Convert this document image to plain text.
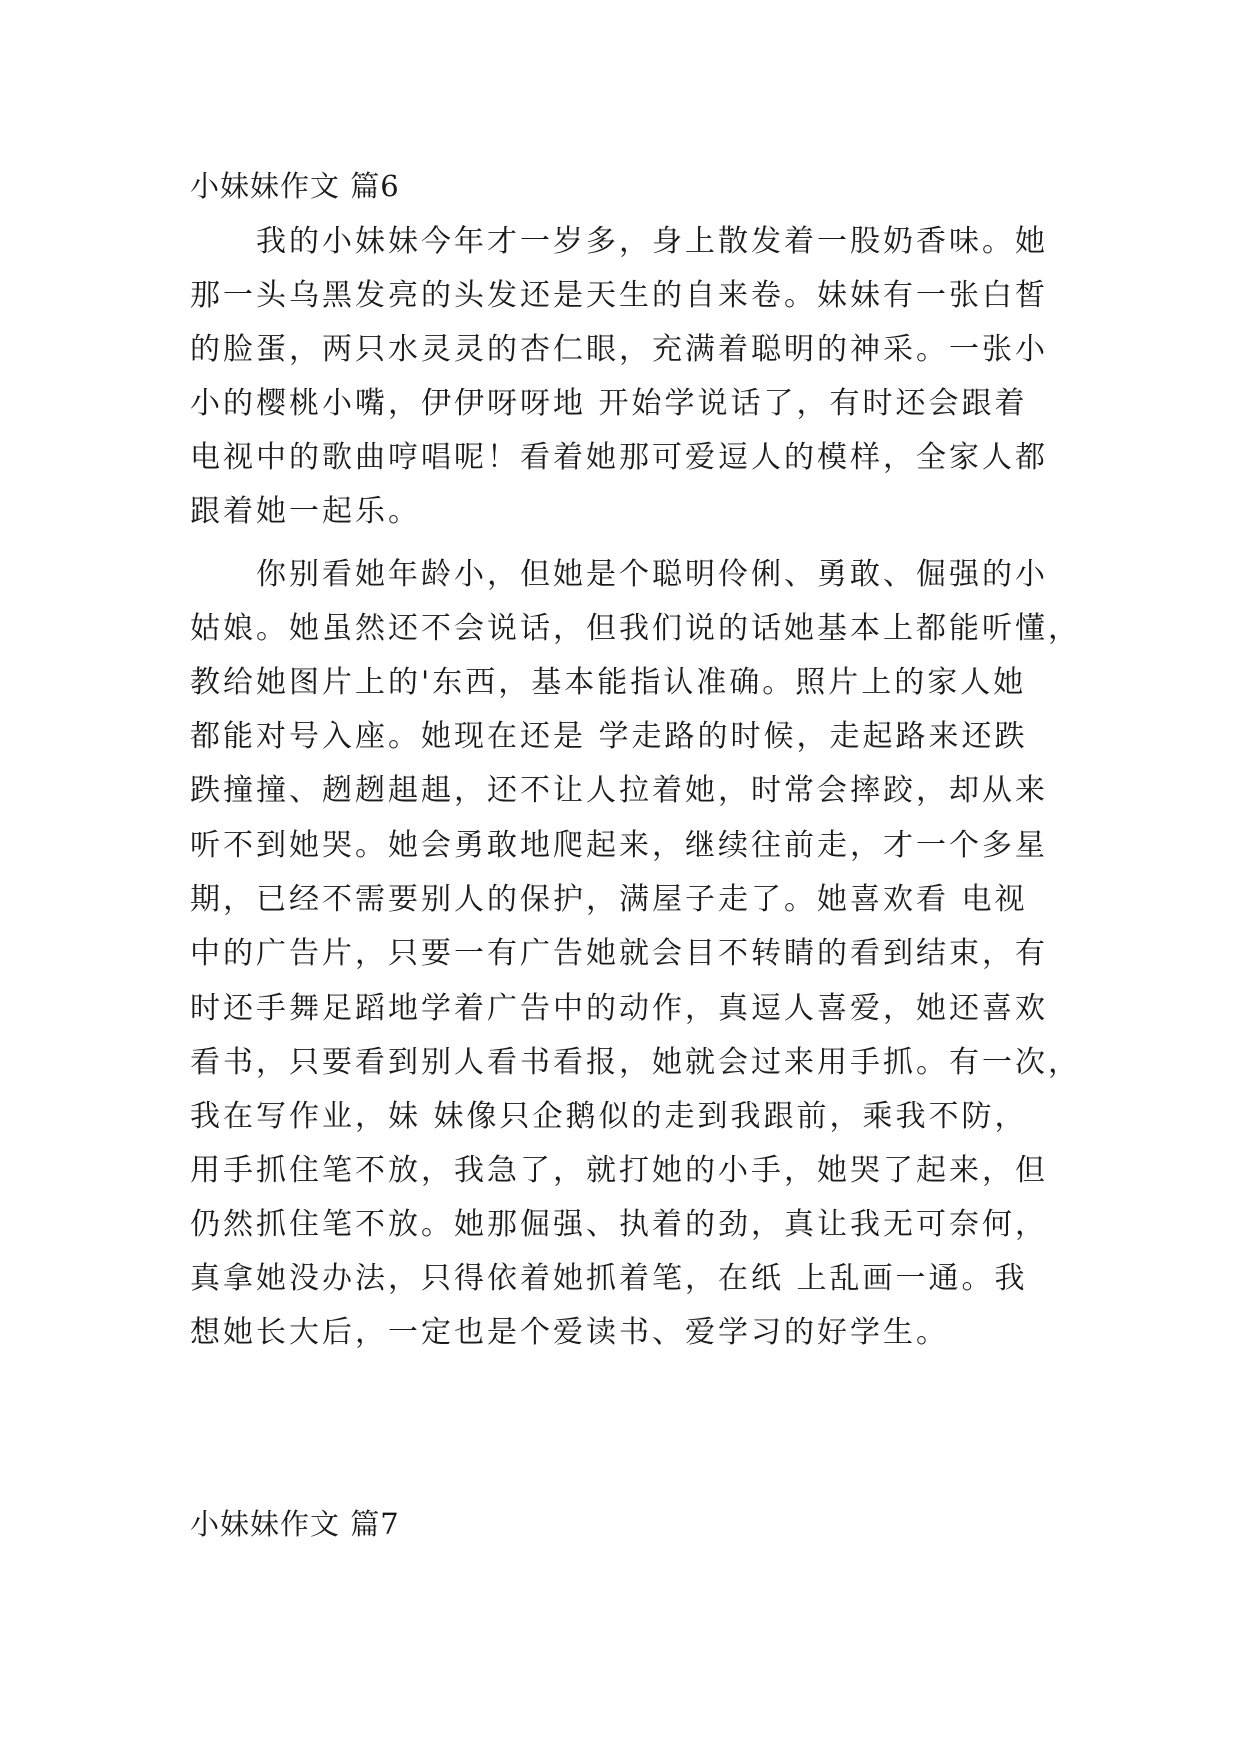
小妹妹作文 篇6
　　我的小妹妹今年才一岁多，身上散发着一股奶香味。她
那一头乌黑发亮的头发还是天生的自来卷。妹妹有一张白皙
的脸蛋，两只水灵灵的杏仁眼，充满着聪明的神采。一张小
小的樱桃小嘴，伊伊呀呀地 开始学说话了，有时还会跟着
电视中的歌曲哼唱呢！看着她那可爱逗人的模样，全家人都
跟着她一起乐。
　　你别看她年龄小，但她是个聪明伶俐、勇敢、倔强的小
姑娘。她虽然还不会说话，但我们说的话她基本上都能听懂，
教给她图片上的'东西，基本能指认准确。照片上的家人她
都能对号入座。她现在还是 学走路的时候，走起路来还跌
跌撞撞、趔趔趄趄，还不让人拉着她，时常会摔跤，却从来
听不到她哭。她会勇敢地爬起来，继续往前走，才一个多星
期，已经不需要别人的保护，满屋子走了。她喜欢看 电视
中的广告片，只要一有广告她就会目不转睛的看到结束，有
时还手舞足蹈地学着广告中的动作，真逗人喜爱，她还喜欢
看书，只要看到别人看书看报，她就会过来用手抓。有一次，
我在写作业，妹 妹像只企鹅似的走到我跟前，乘我不防，
用手抓住笔不放，我急了，就打她的小手，她哭了起来，但
仍然抓住笔不放。她那倔强、执着的劲，真让我无可奈何，
真拿她没办法，只得依着她抓着笔，在纸 上乱画一通。我
想她长大后，一定也是个爱读书、爱学习的好学生。
小妹妹作文 篇7
